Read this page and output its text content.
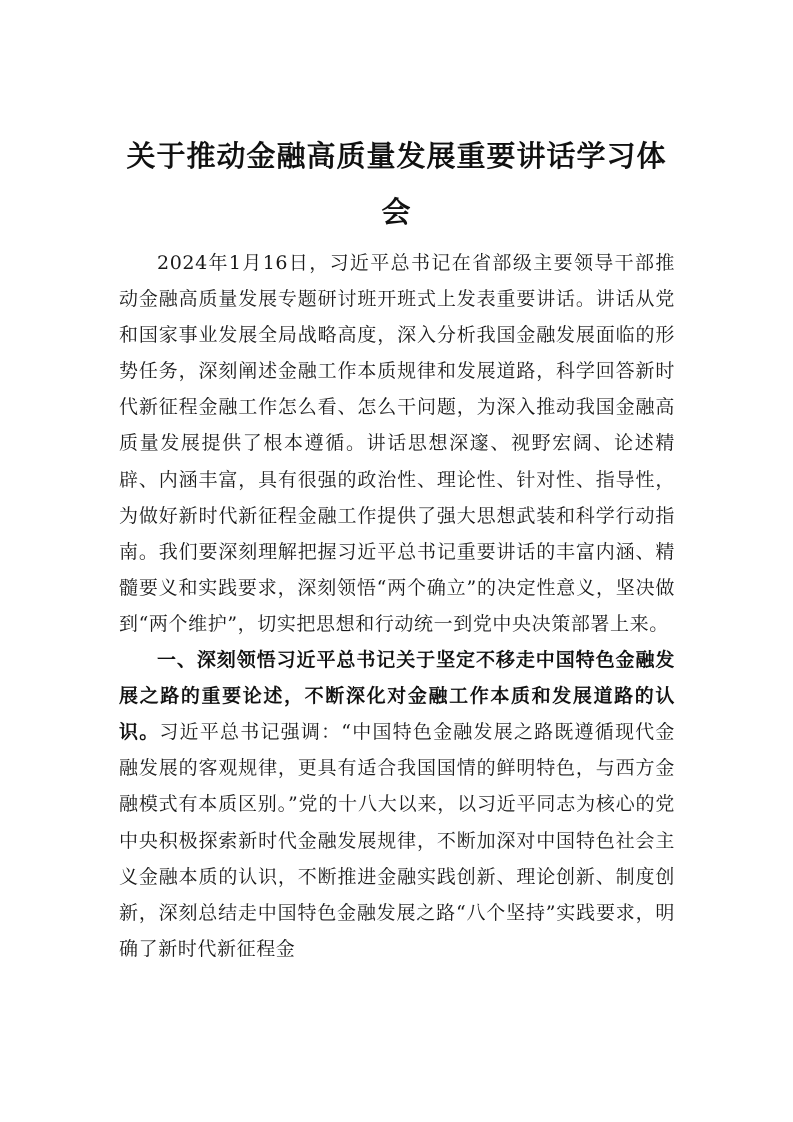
关于推动金融高质量发展重要讲话学习体会

2024年1月16日，习近平总书记在省部级主要领导干部推动金融高质量发展专题研讨班开班式上发表重要讲话。讲话从党和国家事业发展全局战略高度，深入分析我国金融发展面临的形势任务，深刻阐述金融工作本质规律和发展道路，科学回答新时代新征程金融工作怎么看、怎么干问题，为深入推动我国金融高质量发展提供了根本遵循。讲话思想深邃、视野宏阔、论述精辟、内涵丰富，具有很强的政治性、理论性、针对性、指导性，为做好新时代新征程金融工作提供了强大思想武装和科学行动指南。我们要深刻理解把握习近平总书记重要讲话的丰富内涵、精髓要义和实践要求，深刻领悟“两个确立”的决定性意义，坚决做到“两个维护”，切实把思想和行动统一到党中央决策部署上来。

一、深刻领悟习近平总书记关于坚定不移走中国特色金融发展之路的重要论述，不断深化对金融工作本质和发展道路的认识。习近平总书记强调：“中国特色金融发展之路既遵循现代金融发展的客观规律，更具有适合我国国情的鲜明特色，与西方金融模式有本质区别。”党的十八大以来，以习近平同志为核心的党中央积极探索新时代金融发展规律，不断加深对中国特色社会主义金融本质的认识，不断推进金融实践创新、理论创新、制度创新，深刻总结走中国特色金融发展之路“八个坚持”实践要求，明确了新时代新征程金
